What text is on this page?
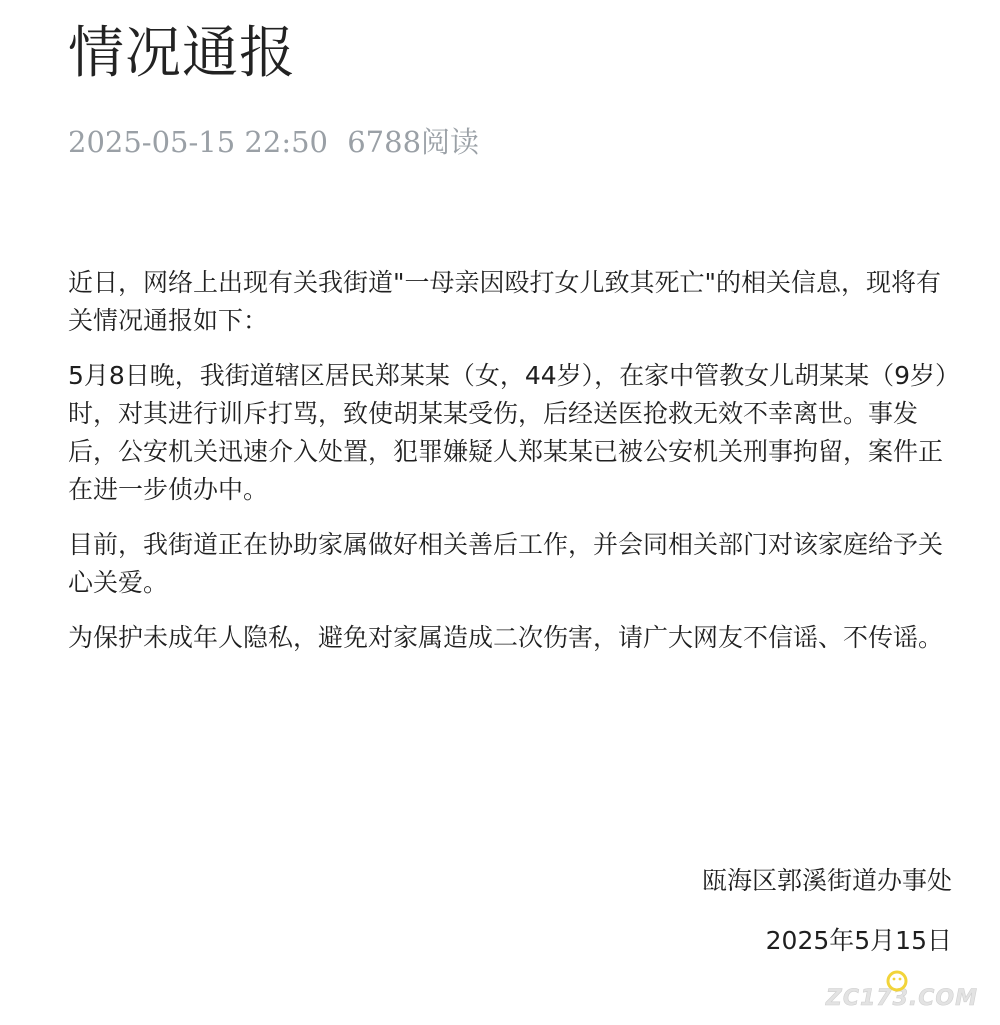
情况通报
2025-05-15 22:50 6788阅读

近日，网络上出现有关我街道"一母亲因殴打女儿致其死亡"的相关信息，现将有关情况通报如下：

5月8日晚，我街道辖区居民郑某某（女，44岁），在家中管教女儿胡某某（9岁）时，对其进行训斥打骂，致使胡某某受伤，后经送医抢救无效不幸离世。事发后，公安机关迅速介入处置，犯罪嫌疑人郑某某已被公安机关刑事拘留，案件正在进一步侦办中。

目前，我街道正在协助家属做好相关善后工作，并会同相关部门对该家庭给予关心关爱。

为保护未成年人隐私，避免对家属造成二次伤害，请广大网友不信谣、不传谣。

瓯海区郭溪街道办事处
2025年5月15日
ZC173.COM
